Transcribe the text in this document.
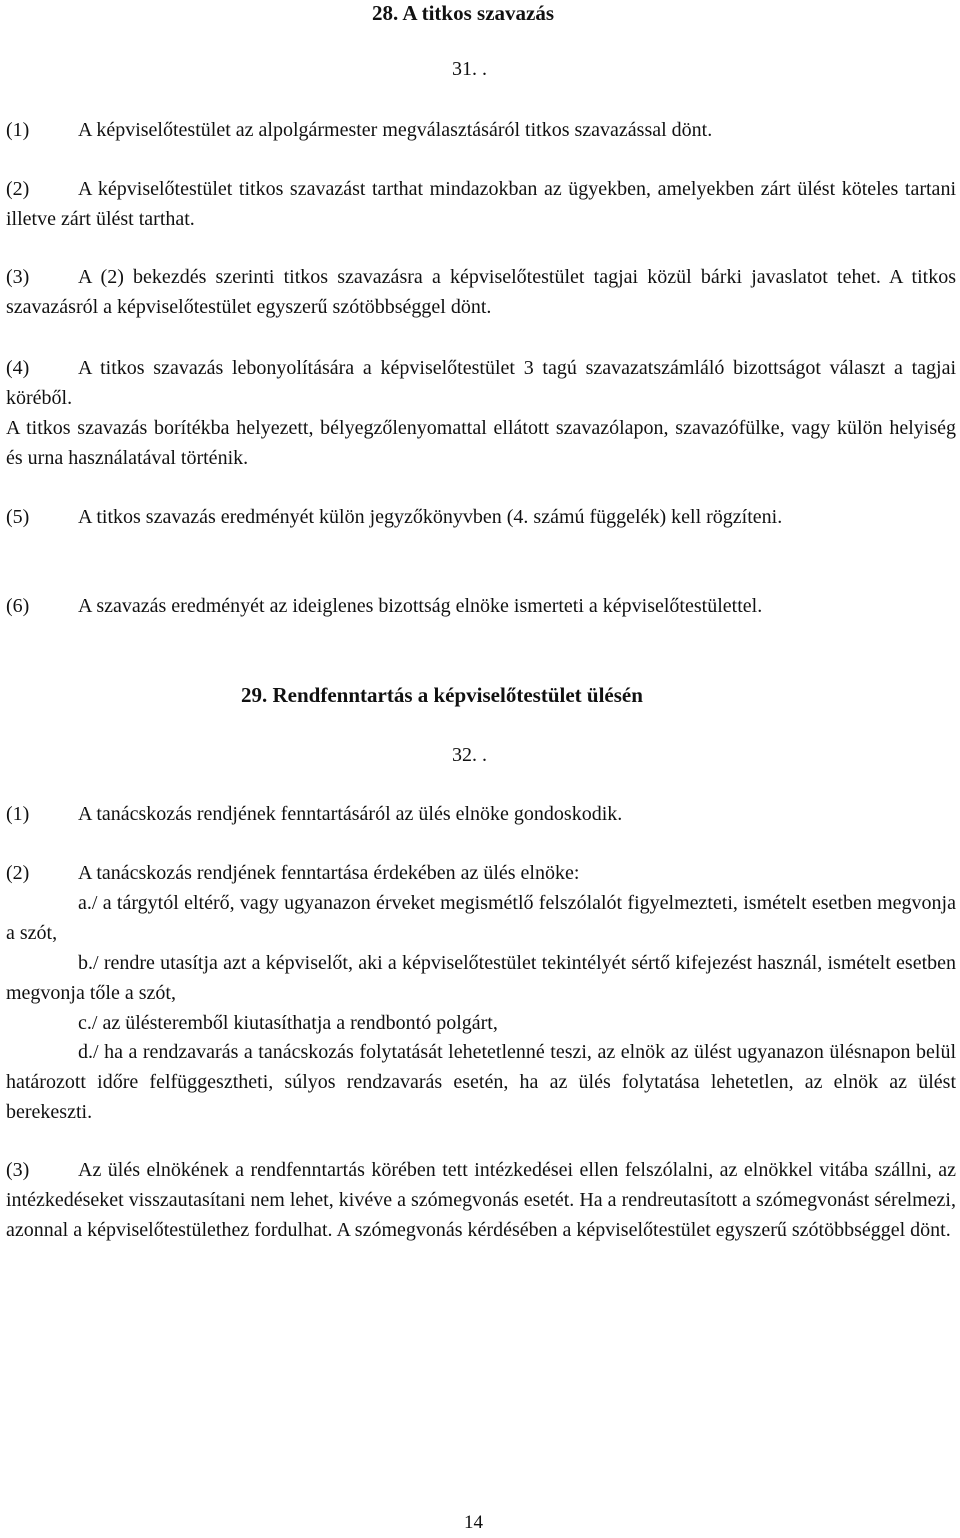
28. A titkos szavazás
31. .
(1) A képviselőtestület az alpolgármester megválasztásáról titkos szavazással dönt.
(2) A képviselőtestület titkos szavazást tarthat mindazokban az ügyekben, amelyekben zárt ülést köteles tartani illetve zárt ülést tarthat.
(3) A (2) bekezdés szerinti titkos szavazásra a képviselőtestület tagjai közül bárki javaslatot tehet. A titkos szavazásról a képviselőtestület egyszerű szótöbbséggel dönt.
(4) A titkos szavazás lebonyolítására a képviselőtestület 3 tagú szavazatszámláló bizottságot választ a tagjai köréből.
A titkos szavazás borítékba helyezett, bélyegzőlenyomattal ellátott szavazólapon, szavazófülke, vagy külön helyiség és urna használatával történik.
(5) A titkos szavazás eredményét külön jegyzőkönyvben (4. számú függelék) kell rögzíteni.
(6) A szavazás eredményét az ideiglenes bizottság elnöke ismerteti a képviselőtestülettel.
29. Rendfenntartás a képviselőtestület ülésén
32. .
(1) A tanácskozás rendjének fenntartásáról az ülés elnöke gondoskodik.
(2) A tanácskozás rendjének fenntartása érdekében az ülés elnöke:
a./ a tárgytól eltérő, vagy ugyanazon érveket megismétlő felszólalót figyelmezteti, ismételt esetben megvonja a szót,
b./ rendre utasítja azt a képviselőt, aki a képviselőtestület tekintélyét sértő kifejezést használ, ismételt esetben megvonja tőle a szót,
c./ az ülésteremből kiutasíthatja a rendbontó polgárt,
d./ ha a rendzavarás a tanácskozás folytatását lehetetlenné teszi, az elnök az ülést ugyanazon ülésnapon belül határozott időre felfüggesztheti, súlyos rendzavarás esetén, ha az ülés folytatása lehetetlen, az elnök az ülést berekeszti.
(3) Az ülés elnökének a rendfenntartás körében tett intézkedései ellen felszólalni, az elnökkel vitába szállni, az intézkedéseket visszautasítani nem lehet, kivéve a szómegvonás esetét. Ha a rendreutasított a szómegvonást sérelmezi, azonnal a képviselőtestülethez fordulhat. A szómegvonás kérdésében a képviselőtestület egyszerű szótöbbséggel dönt.
14
